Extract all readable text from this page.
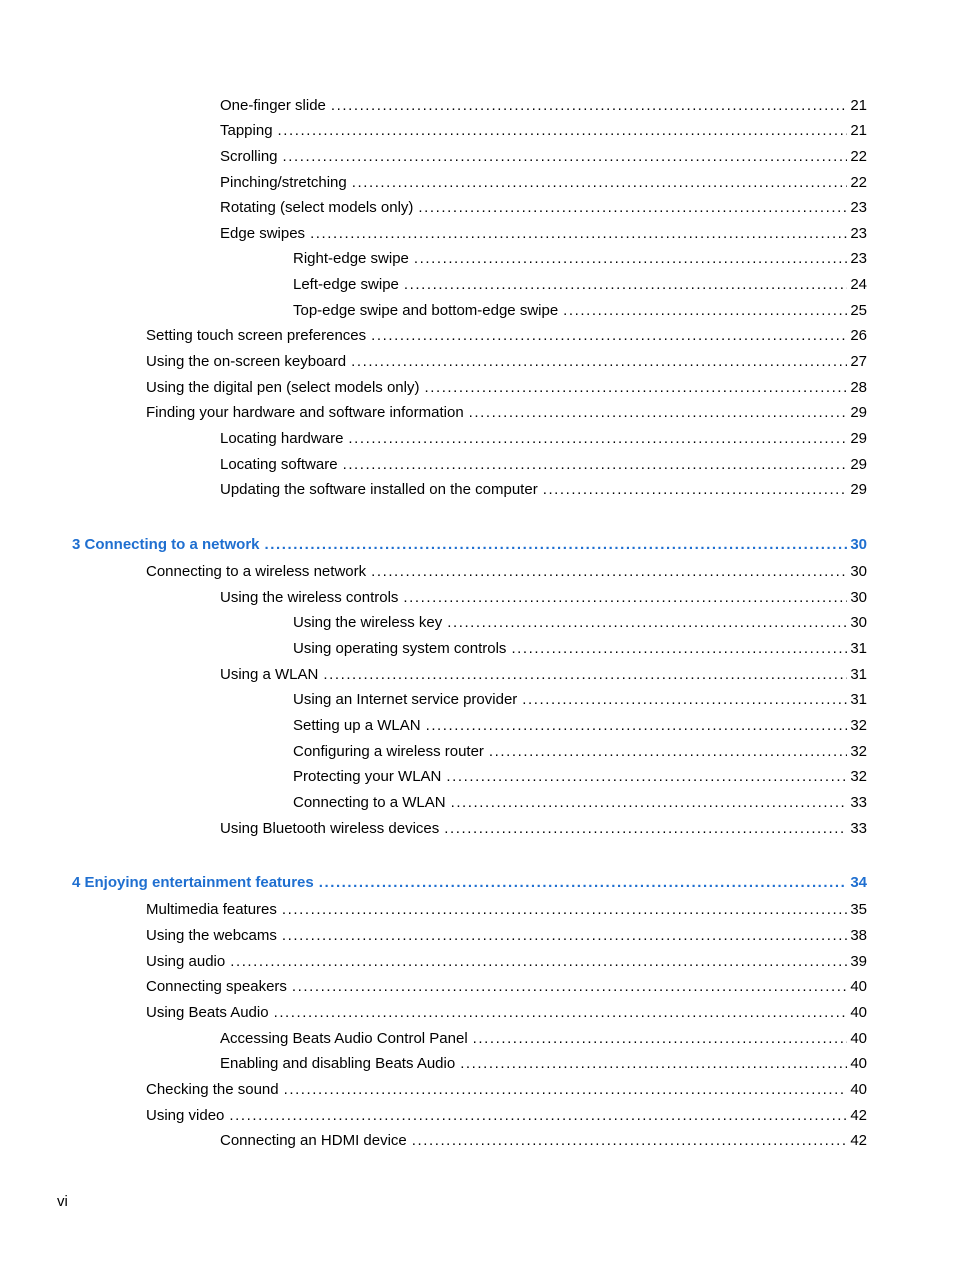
One-finger slide . . .	21
Tapping . . .	21
Scrolling . . .	22
Pinching/stretching . . .	22
Rotating (select models only) . . .	23
Edge swipes . . .	23
Right-edge swipe . . .	23
Left-edge swipe . . .	24
Top-edge swipe and bottom-edge swipe . . .	25
Setting touch screen preferences . . .	26
Using the on-screen keyboard . . .	27
Using the digital pen (select models only) . . .	28
Finding your hardware and software information . . .	29
Locating hardware . . .	29
Locating software . . .	29
Updating the software installed on the computer . . .	29
3 Connecting to a network . . .	30
Connecting to a wireless network . . .	30
Using the wireless controls . . .	30
Using the wireless key . . .	30
Using operating system controls . . .	31
Using a WLAN . . .	31
Using an Internet service provider . . .	31
Setting up a WLAN . . .	32
Configuring a wireless router . . .	32
Protecting your WLAN . . .	32
Connecting to a WLAN . . .	33
Using Bluetooth wireless devices . . .	33
4 Enjoying entertainment features . . .	34
Multimedia features . . .	35
Using the webcams . . .	38
Using audio . . .	39
Connecting speakers . . .	40
Using Beats Audio . . .	40
Accessing Beats Audio Control Panel . . .	40
Enabling and disabling Beats Audio . . .	40
Checking the sound . . .	40
Using video . . .	42
Connecting an HDMI device . . .	42
vi
